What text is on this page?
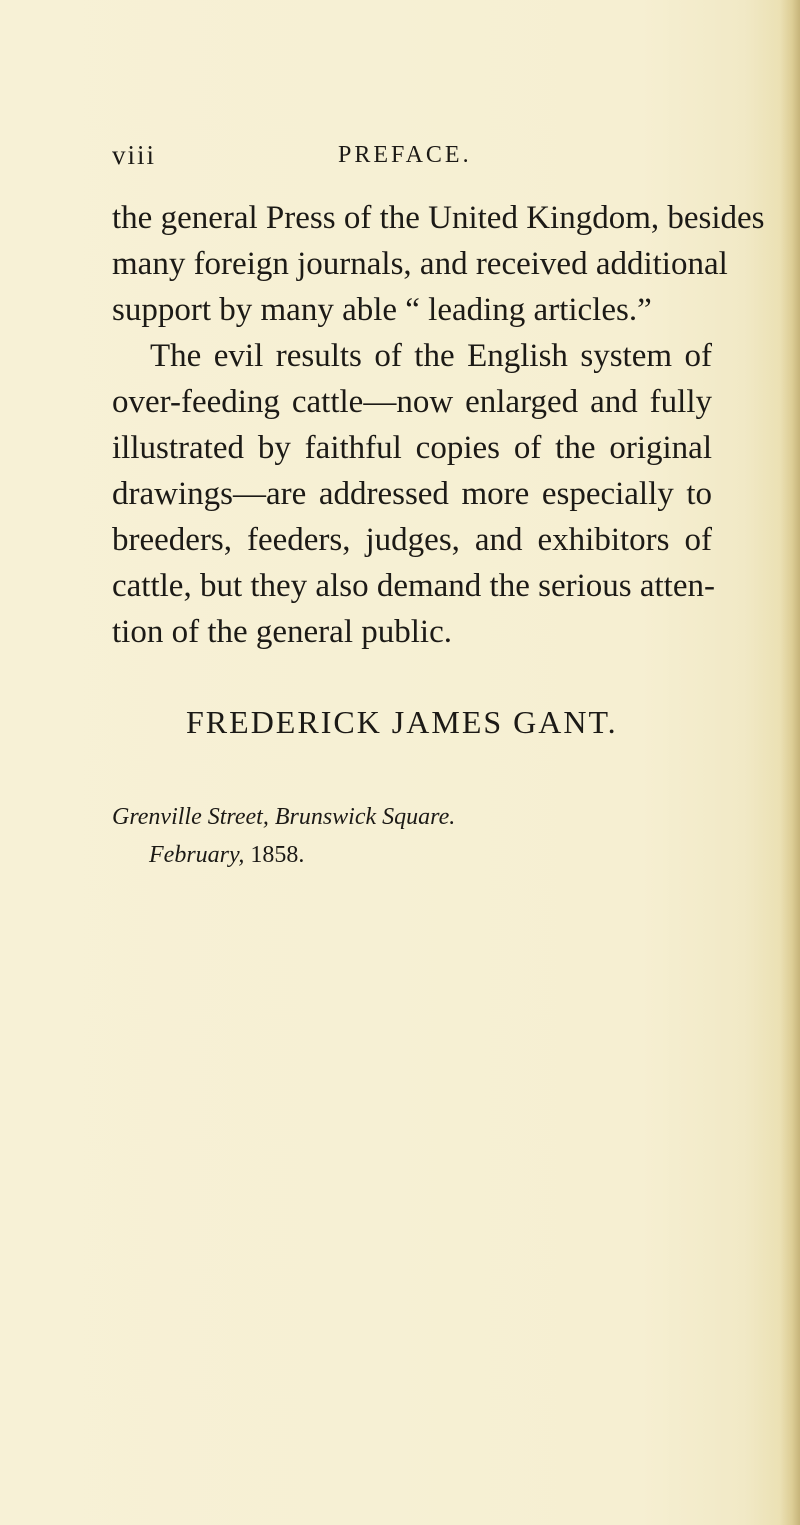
viii	PREFACE.
the general Press of the United Kingdom, besides
many foreign journals, and received additional
support by many able “ leading articles.”
The evil results of the English system of
over-feeding cattle—now enlarged and fully
illustrated by faithful copies of the original
drawings—are addressed more especially to
breeders, feeders, judges, and exhibitors of
cattle, but they also demand the serious atten-
tion of the general public.
FREDERICK JAMES GANT.
Grenville Street, Brunswick Square.
February, 1858.
